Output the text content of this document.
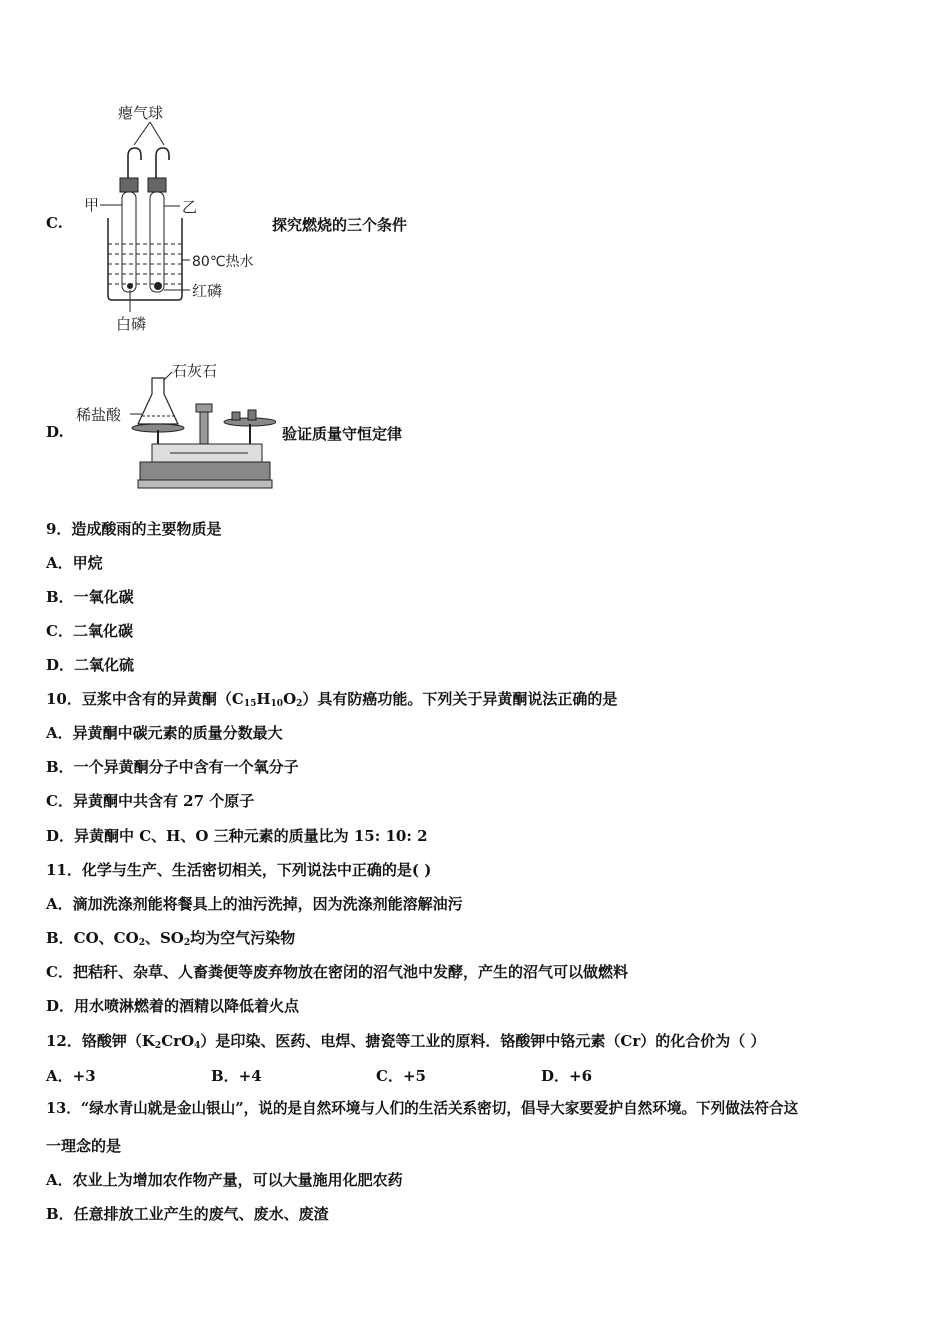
C.
瘪气球
甲	乙
80℃热水
红磷
白磷
探究燃烧的三个条件
D.
石灰石
稀盐酸
验证质量守恒定律
9．造成酸雨的主要物质是
A．甲烷
B．一氧化碳
C．二氧化碳
D．二氧化硫
10．豆浆中含有的异黄酮$(C_{15}H_{10}O_2)$具有防癌功能。下列关于异黄酮说法正确的是
A．异黄酮中碳元素的质量分数最大
B．一个异黄酮分子中含有一个氧分子
C．异黄酮中共含有 27 个原子
D．异黄酮中 C、H、O 三种元素的质量比为 15: 10: 2
11．化学与生产、生活密切相关，下列说法中正确的是( )
A．滴加洗涤剂能将餐具上的油污洗掉，因为洗涤剂能溶解油污
B．CO、$CO_2$、$SO_2$均为空气污染物
C．把秸秆、杂草、人畜粪便等废弃物放在密闭的沼气池中发酵，产生的沼气可以做燃料
D．用水喷淋燃着的酒精以降低着火点
12．铬酸钾$(K_2CrO_4)$是印染、医药、电焊、搪瓷等工业的原料．铬酸钾中铬元素（Cr）的化合价为（ ）
A．+3	B．+4	C．+5	D．+6
13．“绿水青山就是金山银山”，说的是自然环境与人们的生活关系密切，倡导大家要爱护自然环境。下列做法符合这
一理念的是
A．农业上为增加农作物产量，可以大量施用化肥农药
B．任意排放工业产生的废气、废水、废渣
